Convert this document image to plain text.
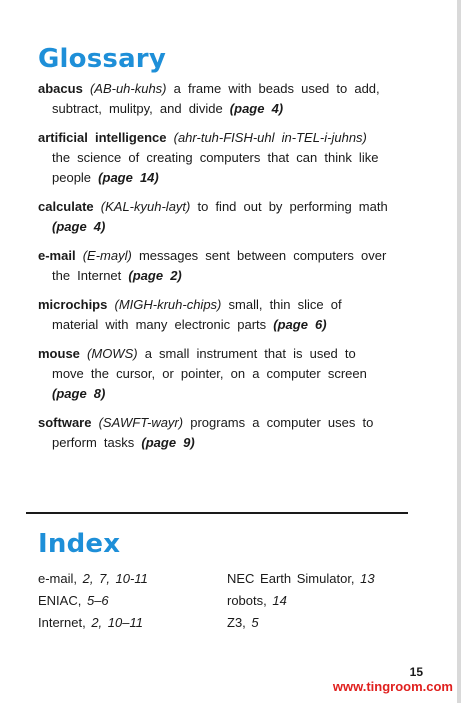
Glossary

abacus (AB-uh-kuhs) a frame with beads used to add, subtract, mulitpy, and divide (page 4)

artificial intelligence (ahr-tuh-FISH-uhl in-TEL-i-juhns) the science of creating computers that can think like people (page 14)

calculate (KAL-kyuh-layt) to find out by performing math (page 4)

e-mail (E-mayl) messages sent between computers over the Internet (page 2)

microchips (MIGH-kruh-chips) small, thin slice of material with many electronic parts (page 6)

mouse (MOWS) a small instrument that is used to move the cursor, or pointer, on a computer screen (page 8)

software (SAWFT-wayr) programs a computer uses to perform tasks (page 9)

Index
e-mail, 2, 7, 10-11
ENIAC, 5–6
Internet, 2, 10–11
NEC Earth Simulator, 13
robots, 14
Z3, 5
15
www.tingroom.com
